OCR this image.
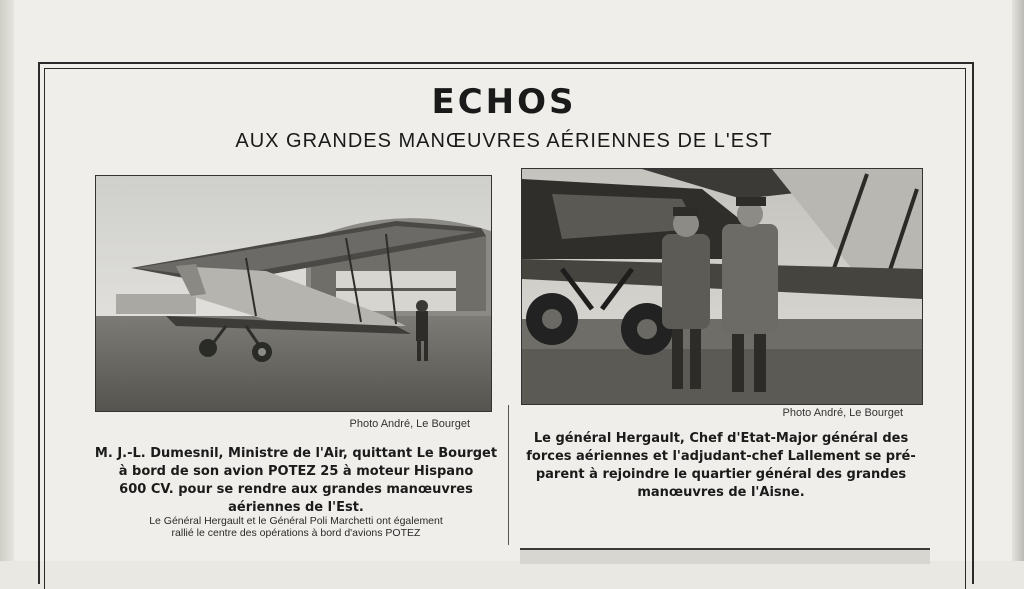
ECHOS
AUX GRANDES MANŒUVRES AÉRIENNES DE L'EST
Photo André, Le Bourget
Photo André, Le Bourget
M. J.-L. Dumesnil, Ministre de l'Air, quittant Le Bourget
à bord de son avion POTEZ 25 à moteur Hispano
600 CV. pour se rendre aux grandes manœuvres
aériennes de l'Est.
Le Général Hergault et le Général Poli Marchetti ont également
rallié le centre des opérations à bord d'avions POTEZ
Le général Hergault, Chef d'Etat-Major général des
forces aériennes et l'adjudant-chef Lallement se pré-
parent à rejoindre le quartier général des grandes
manœuvres de l'Aisne.
